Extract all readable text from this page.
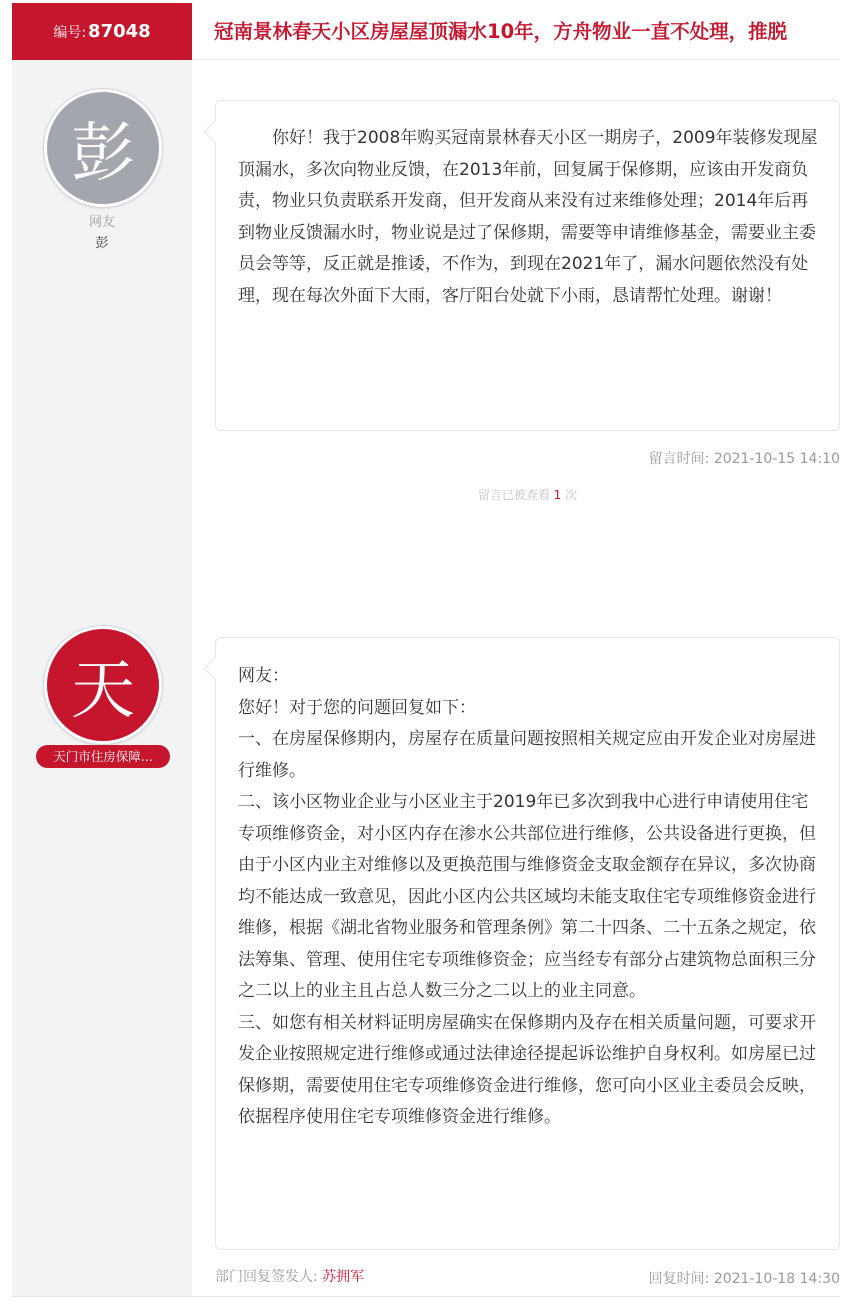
编号: 87048	冠南景林春天小区房屋屋顶漏水10年，方舟物业一直不处理，推脱
彭
网友
彭

你好！我于2008年购买冠南景林春天小区一期房子，2009年装修发现屋顶漏水，多次向物业反馈，在2013年前，回复属于保修期，应该由开发商负责，物业只负责联系开发商，但开发商从来没有过来维修处理；2014年后再到物业反馈漏水时，物业说是过了保修期，需要等申请维修基金，需要业主委员会等等，反正就是推诿，不作为，到现在2021年了，漏水问题依然没有处理，现在每次外面下大雨，客厅阳台处就下小雨，恳请帮忙处理。谢谢！

留言时间: 2021-10-15 14:10
留言已被查看 1 次
天
天门市住房保障...

网友：

您好！对于您的问题回复如下：

一、在房屋保修期内，房屋存在质量问题按照相关规定应由开发企业对房屋进行维修。

二、该小区物业企业与小区业主于2019年已多次到我中心进行申请使用住宅专项维修资金，对小区内存在渗水公共部位进行维修，公共设备进行更换，但由于小区内业主对维修以及更换范围与维修资金支取金额存在异议，多次协商均不能达成一致意见，因此小区内公共区域均未能支取住宅专项维修资金进行维修，根据《湖北省物业服务和管理条例》第二十四条、二十五条之规定，依法筹集、管理、使用住宅专项维修资金；应当经专有部分占建筑物总面积三分之二以上的业主且占总人数三分之二以上的业主同意。

三、如您有相关材料证明房屋确实在保修期内及存在相关质量问题，可要求开发企业按照规定进行维修或通过法律途径提起诉讼维护自身权利。如房屋已过保修期，需要使用住宅专项维修资金进行维修，您可向小区业主委员会反映，依据程序使用住宅专项维修资金进行维修。

部门回复签发人: 苏拥军	回复时间: 2021-10-18 14:30
